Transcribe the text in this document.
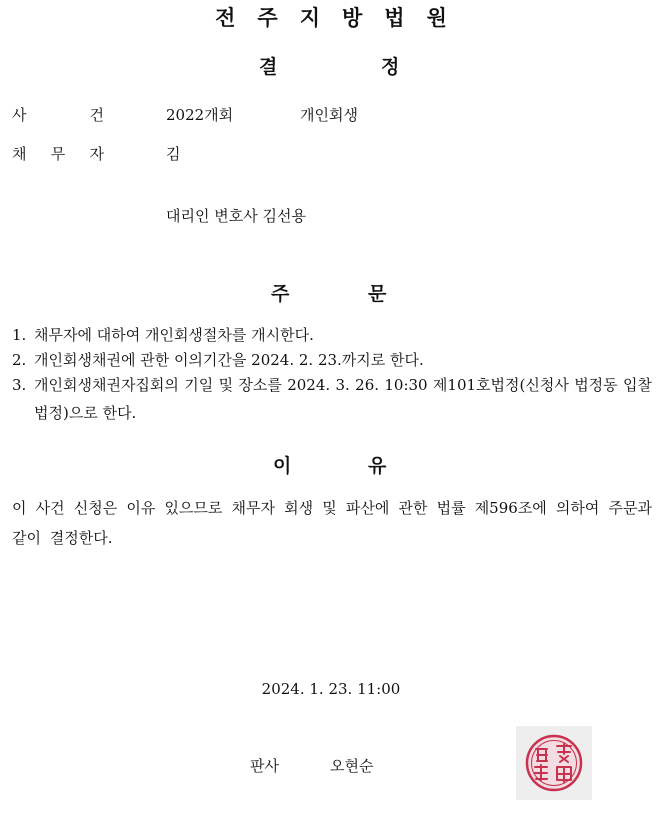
전주지방법원
결	정
사 건	2022개회	개인회생
채 무 자	김
대리인 변호사 김선용
주	문
1. 채무자에 대하여 개인회생절차를 개시한다.
2. 개인회생채권에 관한 이의기간을 2024. 2. 23.까지로 한다.
3. 개인회생채권자집회의 기일 및 장소를 2024. 3. 26. 10:30 제101호법정(신청사 법정동 입찰법정)으로 한다.
이	유
이 사건 신청은 이유 있으므로 채무자 회생 및 파산에 관한 법률 제596조에 의하여 주문과 같이 결정한다.
2024. 1. 23. 11:00
판사	오현순
